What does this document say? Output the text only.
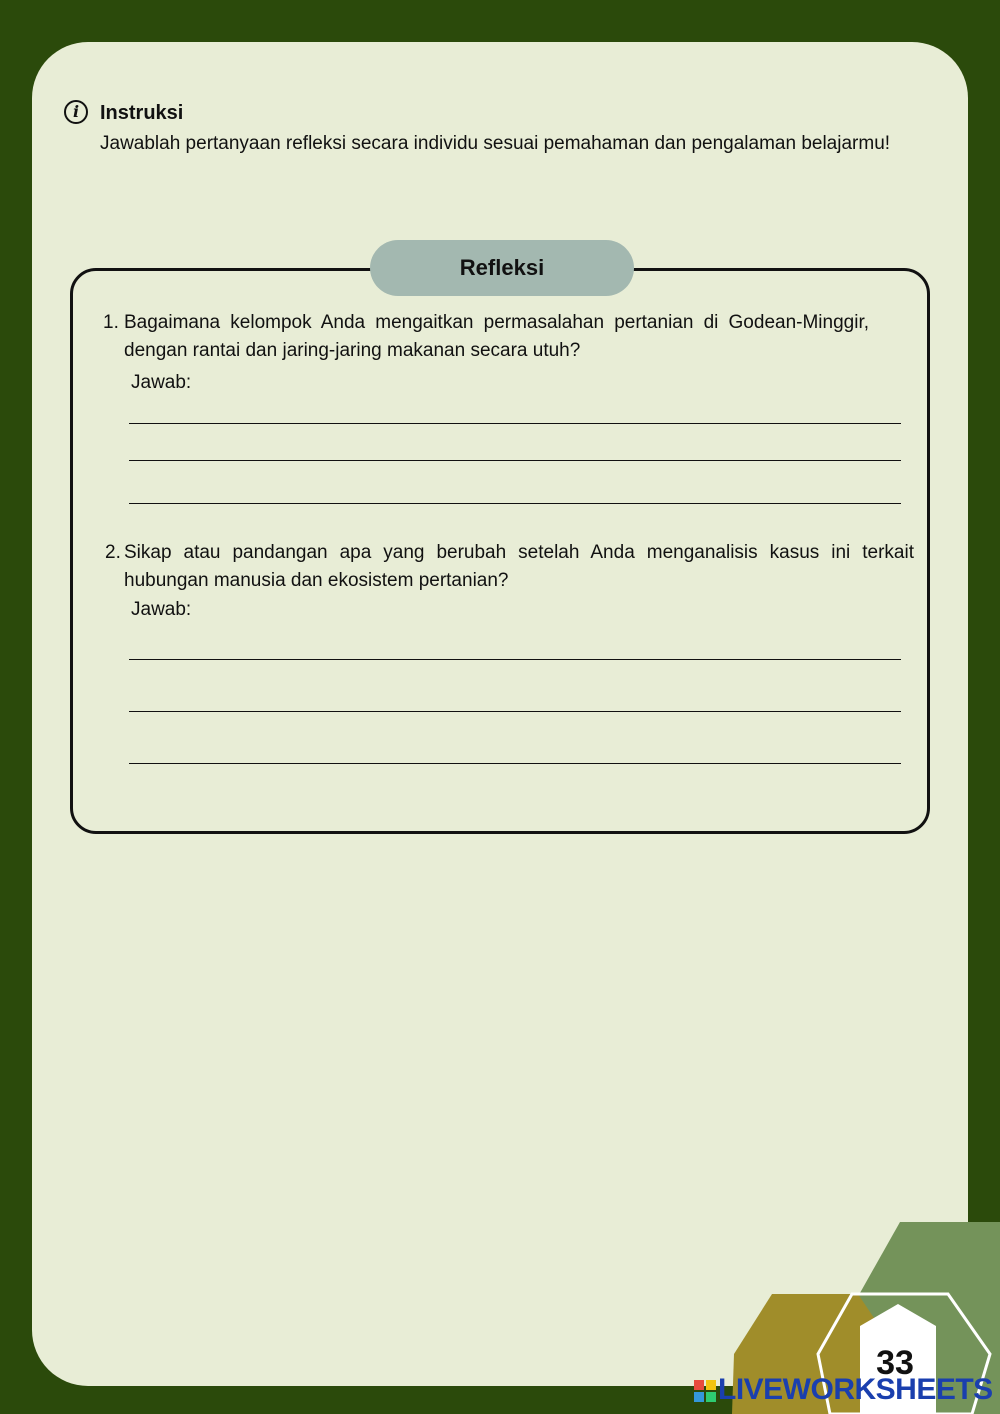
i	Instruksi
Jawablah pertanyaan refleksi secara individu sesuai pemahaman dan pengalaman belajarmu!
1. Bagaimana kelompok Anda mengaitkan permasalahan pertanian di Godean-Minggir, dengan rantai dan jaring-jaring makanan secara utuh?
Jawab:
2. Sikap atau pandangan apa yang berubah setelah Anda menganalisis kasus ini terkait hubungan manusia dan ekosistem pertanian?
Jawab:
Refleksi
33
LIVEWORKSHEETS
